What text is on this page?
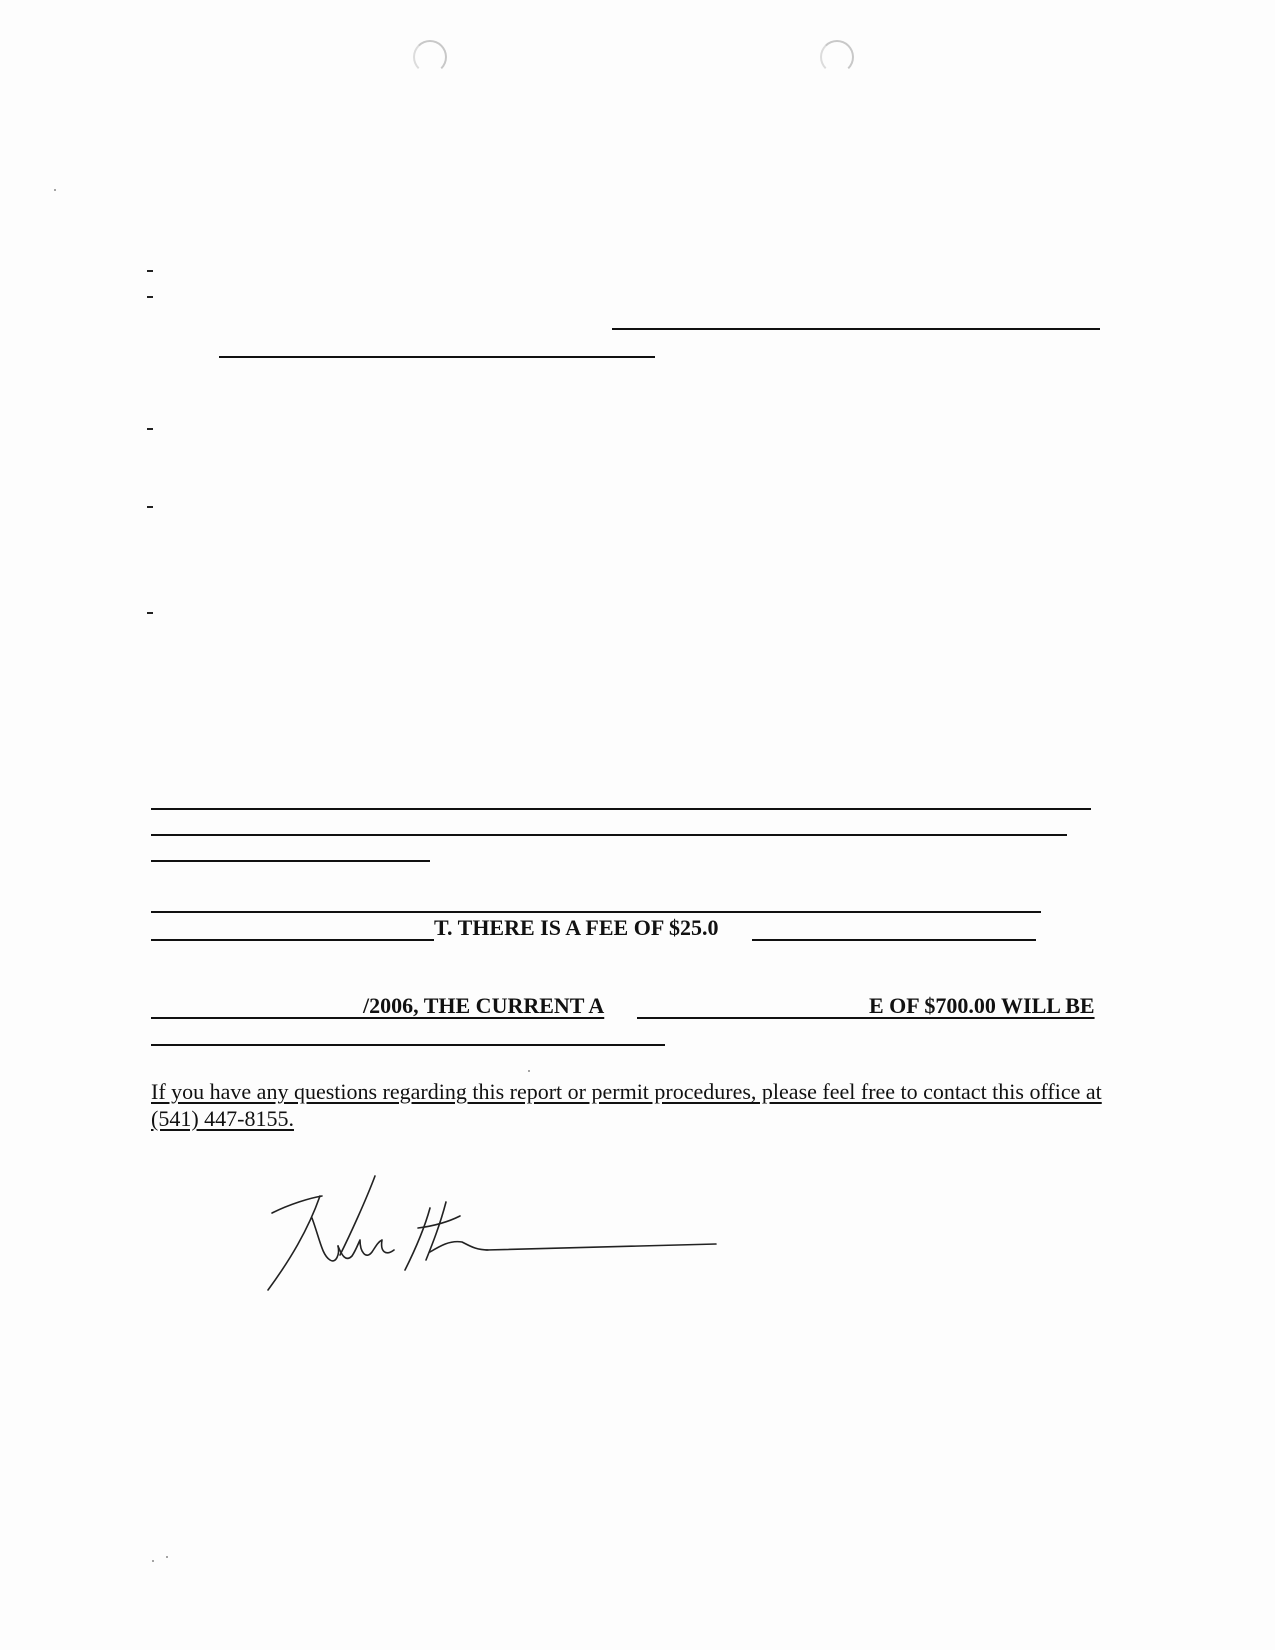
T. THERE IS A FEE OF $25.0
/2006, THE CURRENT A	E OF $700.00 WILL BE
If you have any questions regarding this report or permit procedures, please feel free to contact this office at (541) 447-8155.
